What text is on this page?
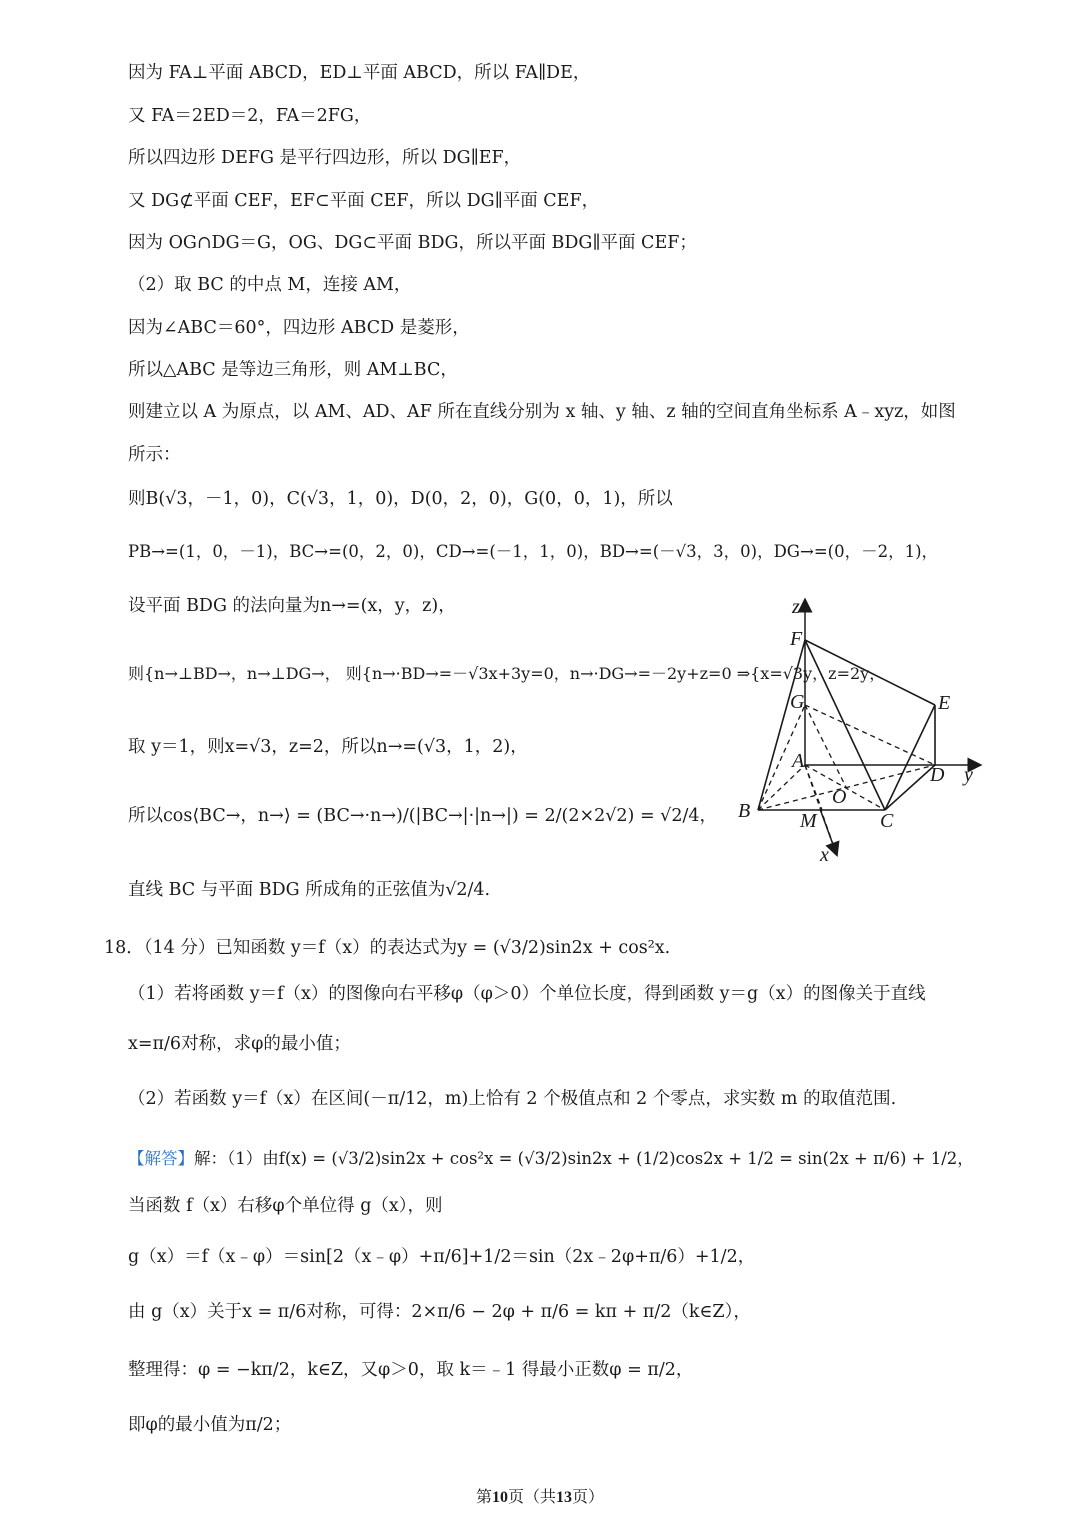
因为 FA⊥平面 ABCD，ED⊥平面 ABCD，所以 FA∥DE，
又 FA＝2ED＝2，FA＝2FG，
所以四边形 DEFG 是平行四边形，所以 DG∥EF，
又 DG⊄平面 CEF，EF⊂平面 CEF，所以 DG∥平面 CEF，
因为 OG∩DG＝G，OG、DG⊂平面 BDG，所以平面 BDG∥平面 CEF；
（2）取 BC 的中点 M，连接 AM，
因为∠ABC＝60°，四边形 ABCD 是菱形，
所以△ABC 是等边三角形，则 AM⊥BC，
则建立以 A 为原点，以 AM、AD、AF 所在直线分别为 x 轴、y 轴、z 轴的空间直角坐标系 A﹣xyz，如图
所示：
则B(√3，－1，0)，C(√3，1，0)，D(0，2，0)，G(0，0，1)，所以
PB→=(1，0，－1)，BC→=(0，2，0)，CD→=(－1，1，0)，BD→=(－√3，3，0)，DG→=(0，－2，1)，
设平面 BDG 的法向量为n→=(x，y，z)，
则{n→⊥BD→，n→⊥DG→， 则{n→·BD→=－√3x+3y=0，n→·DG→=－2y+z=0 ⇒{x=√3y，z=2y，
取 y＝1，则x=√3，z=2，所以n→=(√3，1，2)，
所以cos⟨BC→，n→⟩ = (BC→·n→)/(|BC→|·|n→|) = 2/(2×2√2) = √2/4，
直线 BC 与平面 BDG 所成角的正弦值为√2/4.
18．（14 分）已知函数 y＝f（x）的表达式为y = (√3/2)sin2x + cos²x.
（1）若将函数 y＝f（x）的图像向右平移φ（φ＞0）个单位长度，得到函数 y＝g（x）的图像关于直线
x=π/6对称，求φ的最小值；
（2）若函数 y＝f（x）在区间(－π/12，m)上恰有 2 个极值点和 2 个零点，求实数 m 的取值范围.
【解答】解：（1）由f(x) = (√3/2)sin2x + cos²x = (√3/2)sin2x + (1/2)cos2x + 1/2 = sin(2x + π/6) + 1/2，
当函数 f（x）右移φ个单位得 g（x），则
g（x）＝f（x﹣φ）＝sin[2（x﹣φ）+π/6]+1/2＝sin（2x﹣2φ+π/6）+1/2，
由 g（x）关于x = π/6对称，可得：2×π/6 − 2φ + π/6 = kπ + π/2（k∈Z），
整理得：φ = −kπ/2，k∈Z，又φ＞0，取 k＝﹣1 得最小正数φ = π/2，
即φ的最小值为π/2；
z
F
G	E
A
D y
O
B M	C
x
第10页（共13页）
